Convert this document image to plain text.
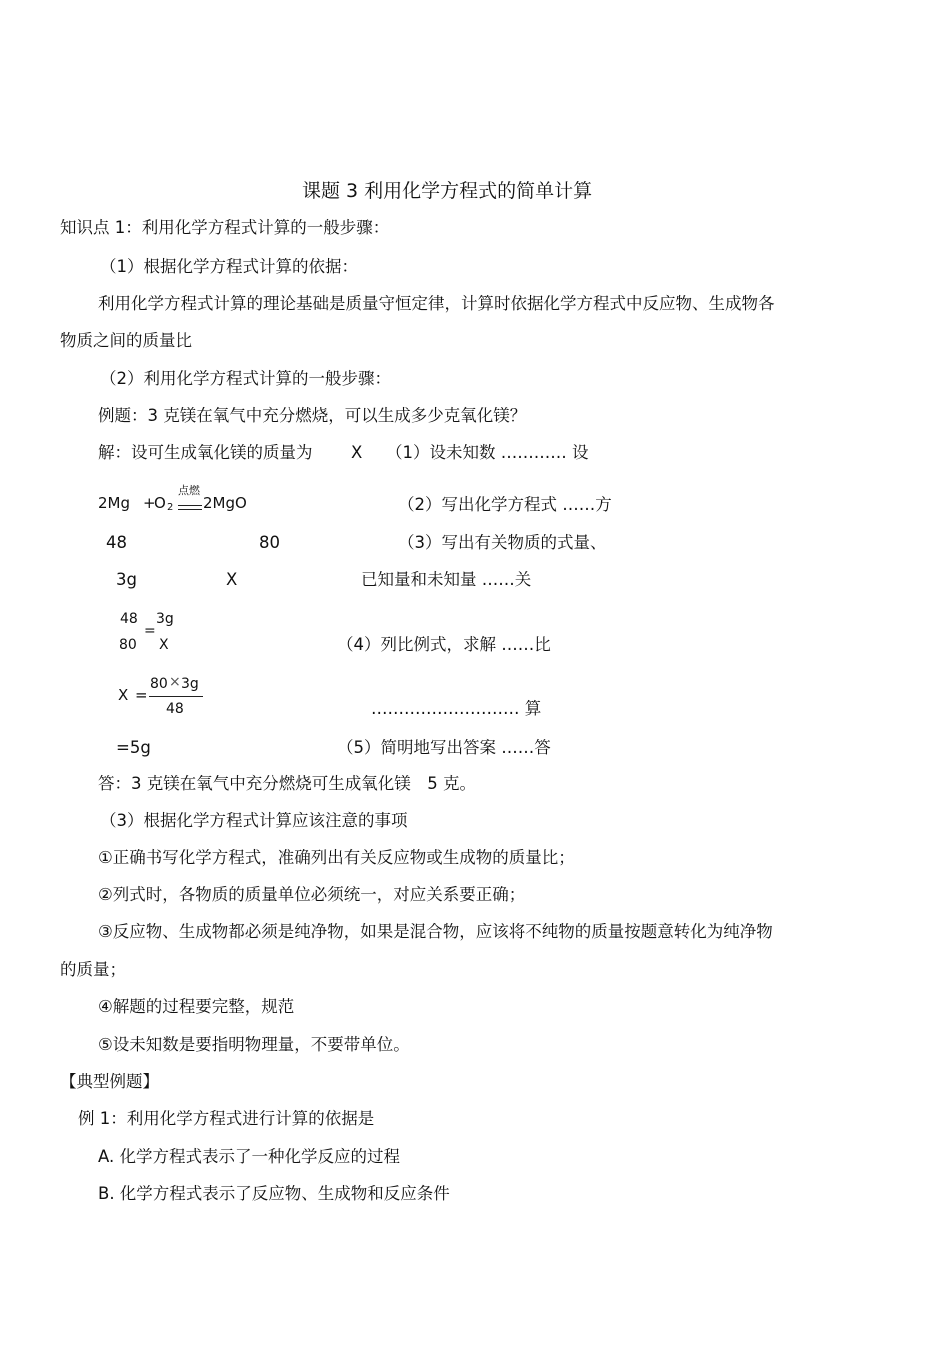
课题 3 利用化学方程式的简单计算
知识点 1：利用化学方程式计算的一般步骤：
（1）根据化学方程式计算的依据：
利用化学方程式计算的理论基础是质量守恒定律，计算时依据化学方程式中反应物、生成物各
物质之间的质量比
（2）利用化学方程式计算的一般步骤：
例题：3 克镁在氧气中充分燃烧，可以生成多少克氧化镁？
解：设可生成氧化镁的质量为 X （1）设未知数 ………… 设
2Mg +
O 2
点燃
2MgO	（2）写出化学方程式 ……方
48	80	（3）写出有关物质的式量、
3g	X	已知量和未知量 ……关
48
80
=
3g
X	（4）列比例式，求解 ……比
X =
80 × 3g
48	……………………… 算
=5g	（5）简明地写出答案 ……答
答：3 克镁在氧气中充分燃烧可生成氧化镁　5 克。
（3）根据化学方程式计算应该注意的事项
①正确书写化学方程式，准确列出有关反应物或生成物的质量比；
②列式时，各物质的质量单位必须统一，对应关系要正确；
③反应物、生成物都必须是纯净物，如果是混合物，应该将不纯物的质量按题意转化为纯净物
的质量；
④解题的过程要完整，规范
⑤设未知数是要指明物理量，不要带单位。
【典型例题】
例 1：利用化学方程式进行计算的依据是
A. 化学方程式表示了一种化学反应的过程
B. 化学方程式表示了反应物、生成物和反应条件
